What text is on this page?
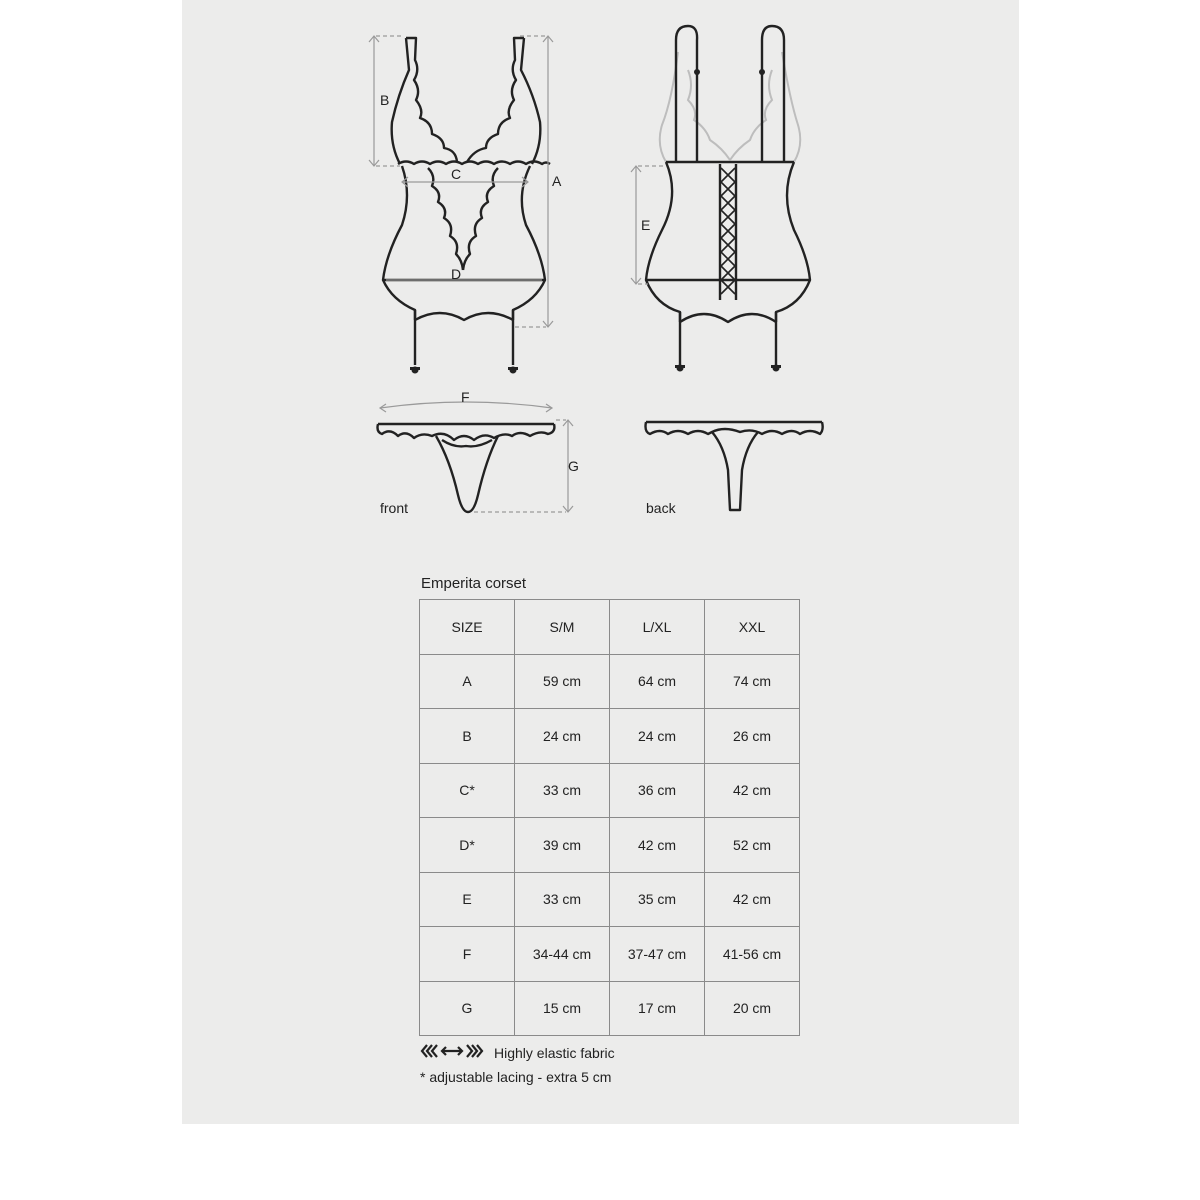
B
A
C
D
E
F
G
front	back
Emperita corset
SIZE	S/M	L/XL	XXL
A	59 cm	64 cm	74 cm
B	24 cm	24 cm	26 cm
C*	33 cm	36 cm	42 cm
D*	39 cm	42 cm	52 cm
E	33 cm	35 cm	42 cm
F	34-44 cm	37-47 cm	41-56 cm
G	15 cm	17 cm	20 cm
Highly elastic fabric
* adjustable lacing - extra 5 cm
